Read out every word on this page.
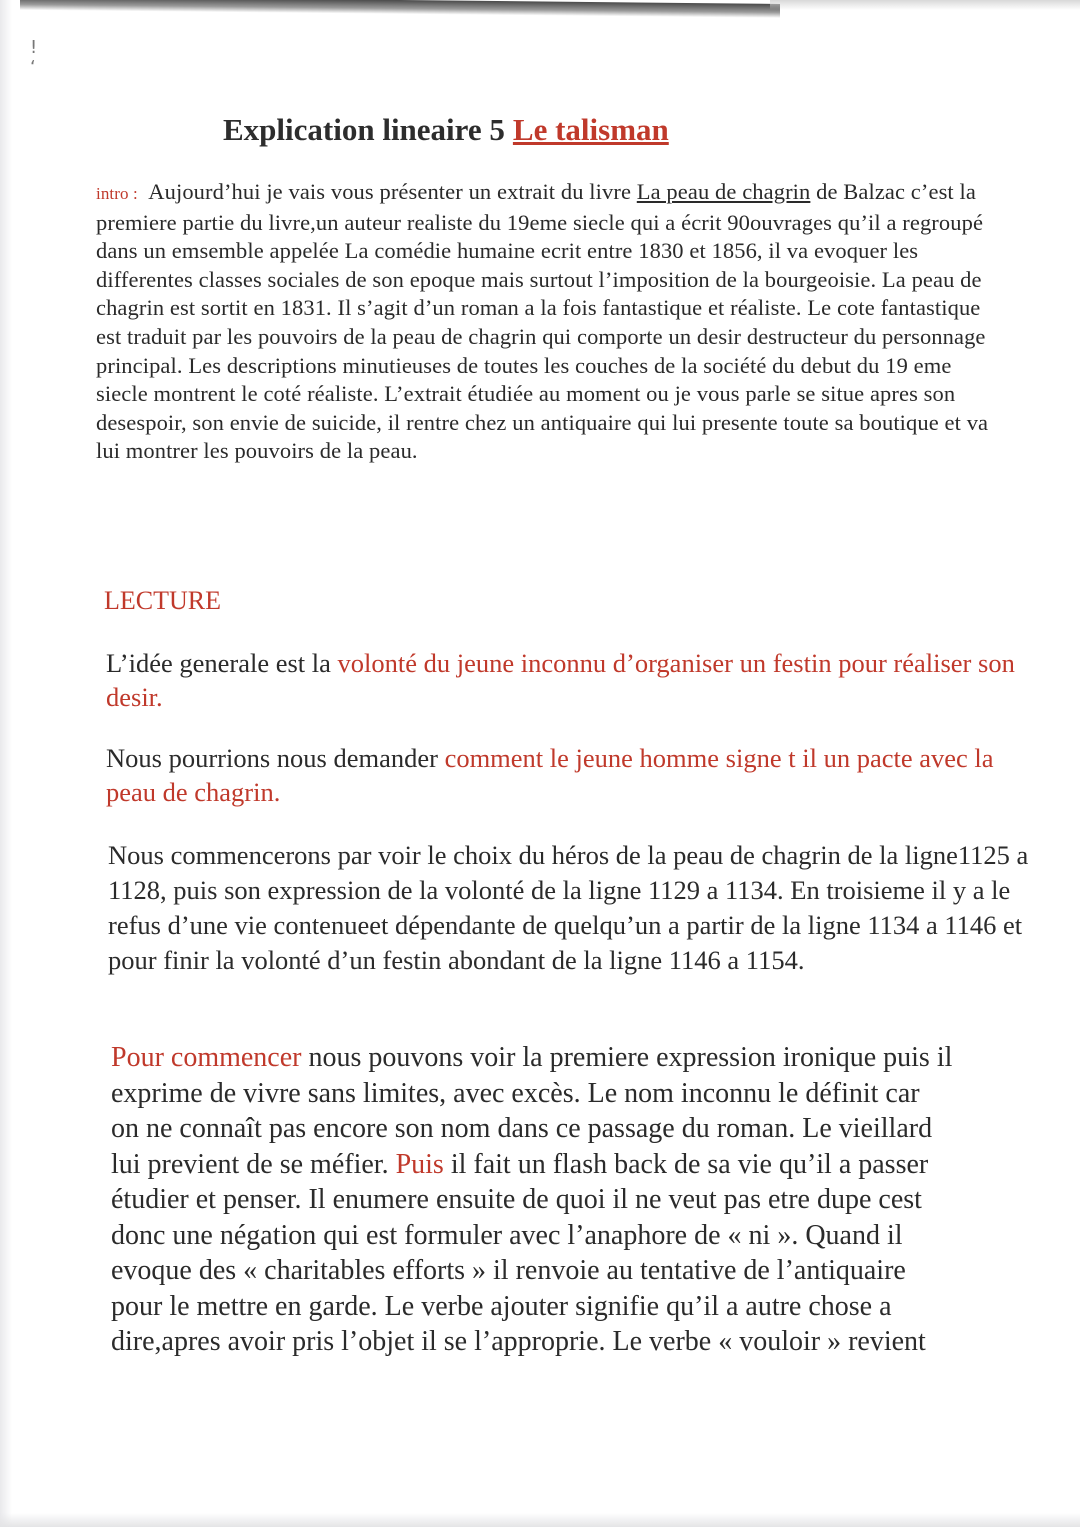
!
‘
Explication lineaire 5 Le talisman
intro : Aujourd’hui je vais vous présenter un extrait du livre La peau de chagrin de Balzac c’est la premiere partie du livre,un auteur realiste du 19eme siecle qui a écrit 90ouvrages qu’il a regroupé dans un emsemble appelée La comédie humaine ecrit entre 1830 et 1856, il va evoquer les differentes classes sociales de son epoque mais surtout l’imposition de la bourgeoisie. La peau de chagrin est sortit en 1831. Il s’agit d’un roman a la fois fantastique et réaliste. Le cote fantastique est traduit par les pouvoirs de la peau de chagrin qui comporte un desir destructeur du personnage principal. Les descriptions minutieuses de toutes les couches de la société du debut du 19 eme siecle montrent le coté réaliste. L’extrait étudiée au moment ou je vous parle se situe apres son desespoir, son envie de suicide, il rentre chez un antiquaire qui lui presente toute sa boutique et va lui montrer les pouvoirs de la peau.
LECTURE
L’idée generale est la volonté du jeune inconnu d’organiser un festin pour réaliser son desir.
Nous pourrions nous demander comment le jeune homme signe t il un pacte avec la peau de chagrin.
Nous commencerons par voir le choix du héros de la peau de chagrin de la ligne1125 a 1128, puis son expression de la volonté de la ligne 1129 a 1134. En troisieme il y a le refus d’une vie contenueet dépendante de quelqu’un a partir de la ligne 1134 a 1146 et pour finir la volonté d’un festin abondant de la ligne 1146 a 1154.
Pour commencer nous pouvons voir la premiere expression ironique puis il
exprime de vivre sans limites, avec excès. Le nom inconnu le définit car
on ne connaît pas encore son nom dans ce passage du roman. Le vieillard
lui previent de se méfier. Puis il fait un flash back de sa vie qu’il a passer
étudier et penser. Il enumere ensuite de quoi il ne veut pas etre dupe cest
donc une négation qui est formuler avec l’anaphore de « ni ». Quand il
evoque des « charitables efforts » il renvoie au tentative de l’antiquaire
pour le mettre en garde. Le verbe ajouter signifie qu’il a autre chose a
dire,apres avoir pris l’objet il se l’approprie. Le verbe « vouloir » revient
